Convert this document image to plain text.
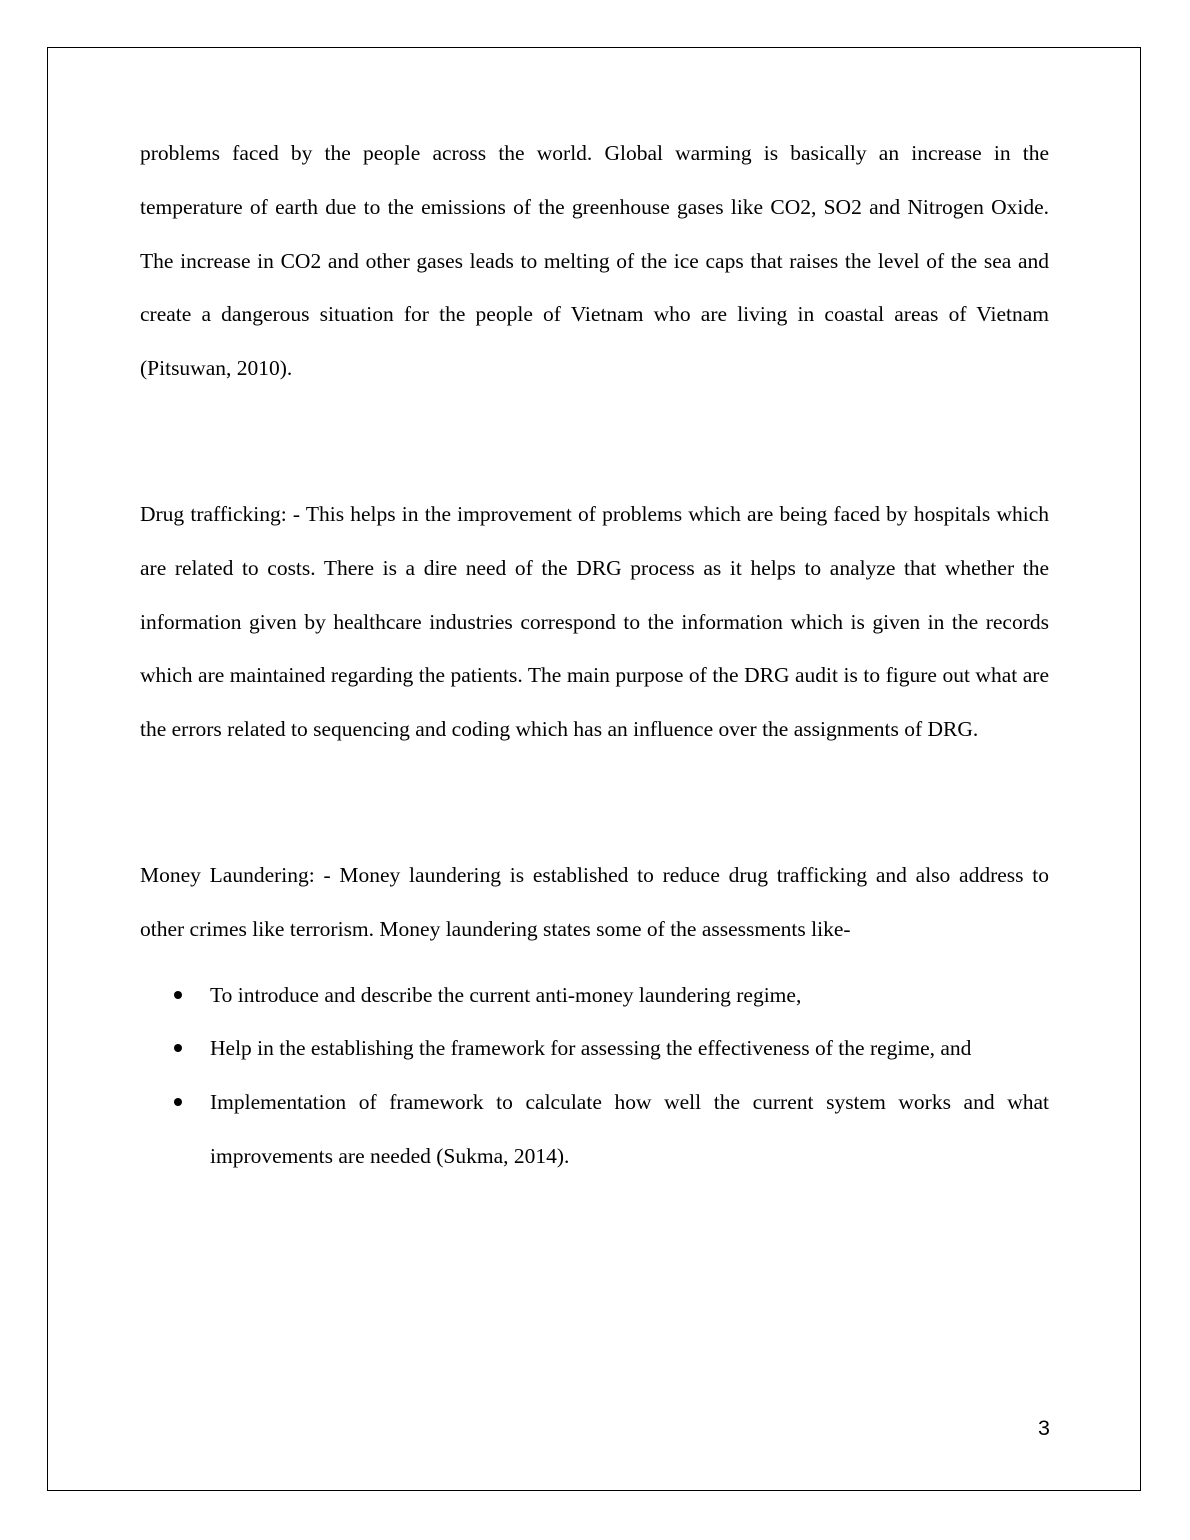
problems faced by the people across the world. Global warming is basically an increase in the temperature of earth due to the emissions of the greenhouse gases like CO2, SO2 and Nitrogen Oxide. The increase in CO2 and other gases leads to melting of the ice caps that raises the level of the sea and create a dangerous situation for the people of Vietnam who are living in coastal areas of Vietnam (Pitsuwan, 2010).

Drug trafficking: - This helps in the improvement of problems which are being faced by hospitals which are related to costs. There is a dire need of the DRG process as it helps to analyze that whether the information given by healthcare industries correspond to the information which is given in the records which are maintained regarding the patients. The main purpose of the DRG audit is to figure out what are the errors related to sequencing and coding which has an influence over the assignments of DRG.

Money Laundering: - Money laundering is established to reduce drug trafficking and also address to other crimes like terrorism. Money laundering states some of the assessments like-

To introduce and describe the current anti-money laundering regime,
Help in the establishing the framework for assessing the effectiveness of the regime, and
Implementation of framework to calculate how well the current system works and what improvements are needed (Sukma, 2014).
3
